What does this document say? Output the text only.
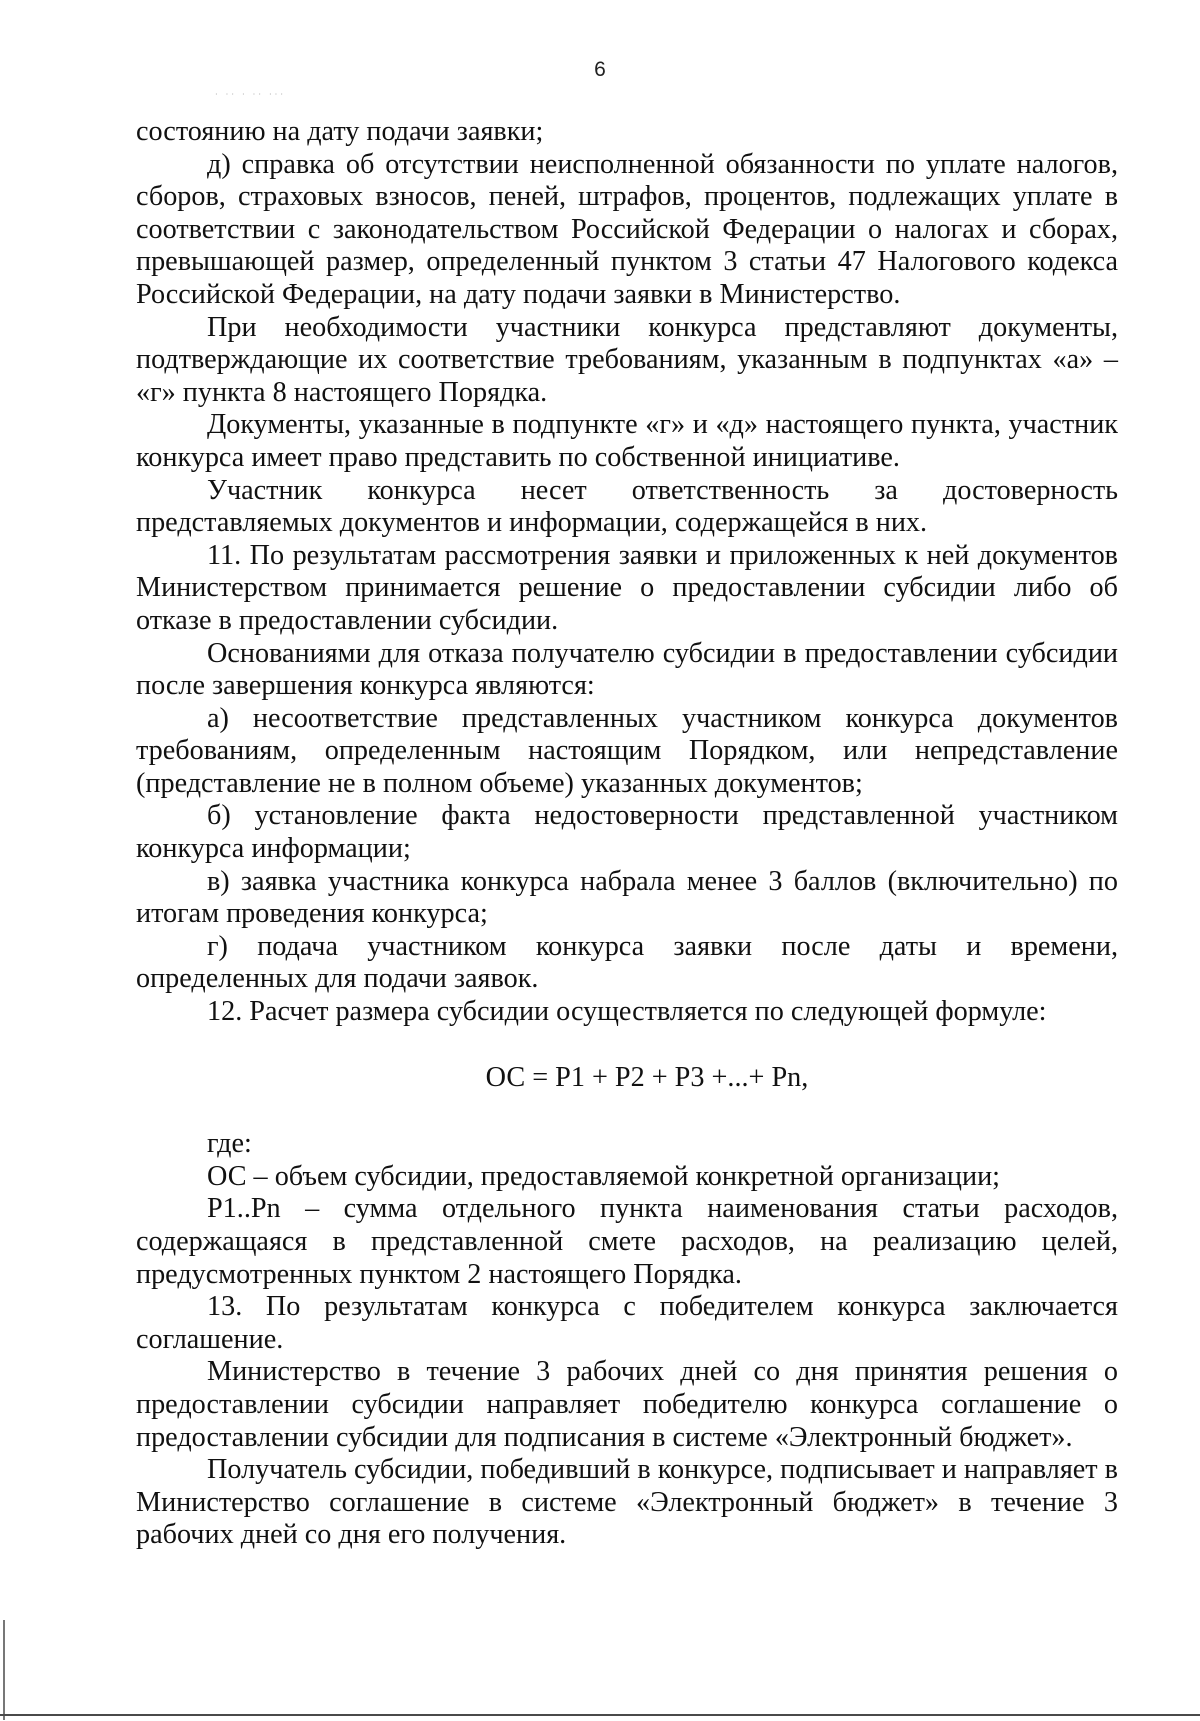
6
· ·· · ·· ···

состоянию на дату подачи заявки;

д) справка об отсутствии неисполненной обязанности по уплате налогов, сборов, страховых взносов, пеней, штрафов, процентов, подлежащих уплате в соответствии с законодательством Российской Федерации о налогах и сборах, превышающей размер, определенный пунктом 3 статьи 47 Налогового кодекса Российской Федерации, на дату подачи заявки в Министерство.

При необходимости участники конкурса представляют документы, подтверждающие их соответствие требованиям, указанным в подпунктах «а» – «г» пункта 8 настоящего Порядка.

Документы, указанные в подпункте «г» и «д» настоящего пункта, участник конкурса имеет право представить по собственной инициативе.

Участник конкурса несет ответственность за достоверность представляемых документов и информации, содержащейся в них.

11. По результатам рассмотрения заявки и приложенных к ней документов Министерством принимается решение о предоставлении субсидии либо об отказе в предоставлении субсидии.

Основаниями для отказа получателю субсидии в предоставлении субсидии после завершения конкурса являются:

а) несоответствие представленных участником конкурса документов требованиям, определенным настоящим Порядком, или непредставление (представление не в полном объеме) указанных документов;

б) установление факта недостоверности представленной участником конкурса информации;

в) заявка участника конкурса набрала менее 3 баллов (включительно) по итогам проведения конкурса;

г) подача участником конкурса заявки после даты и времени, определенных для подачи заявок.

12. Расчет размера субсидии осуществляется по следующей формуле:

ОС = Р1 + Р2 + Р3 +...+ Рn,

где:

ОС – объем субсидии, предоставляемой конкретной организации;

Р1..Рn – сумма отдельного пункта наименования статьи расходов, содержащаяся в представленной смете расходов, на реализацию целей, предусмотренных пунктом 2 настоящего Порядка.

13. По результатам конкурса с победителем конкурса заключается соглашение.

Министерство в течение 3 рабочих дней со дня принятия решения о предоставлении субсидии направляет победителю конкурса соглашение о предоставлении субсидии для подписания в системе «Электронный бюджет».

Получатель субсидии, победивший в конкурсе, подписывает и направляет в Министерство соглашение в системе «Электронный бюджет» в течение 3 рабочих дней со дня его получения.
